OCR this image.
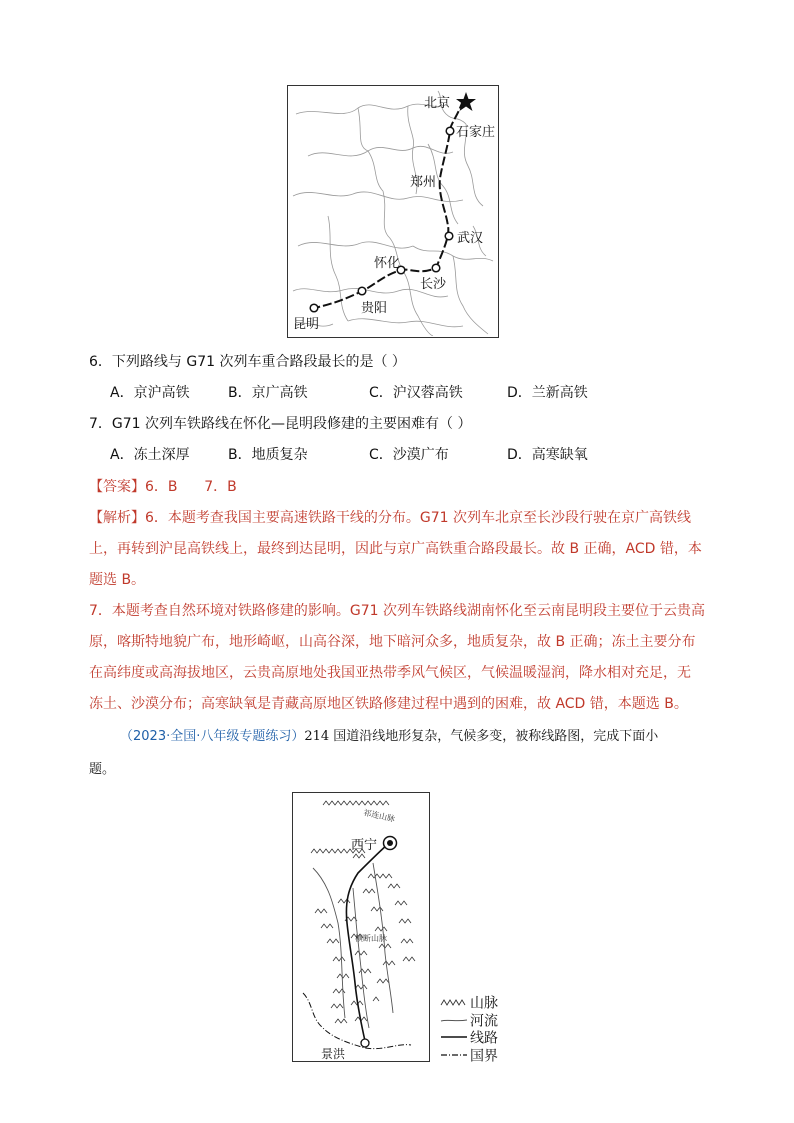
北京
石家庄
郑州
武汉
长沙
怀化
贵阳
昆明
6．下列路线与 G71 次列车重合路段最长的是（ ）
A．京沪高铁	B．京广高铁	C．沪汉蓉高铁	D．兰新高铁
7．G71 次列车铁路线在怀化—昆明段修建的主要困难有（ ）
A．冻土深厚	B．地质复杂	C．沙漠广布	D．高寒缺氧
【答案】6．B      7．B
【解析】6．本题考查我国主要高速铁路干线的分布。G71 次列车北京至长沙段行驶在京广高铁线
上，再转到沪昆高铁线上，最终到达昆明，因此与京广高铁重合路段最长。故 B 正确，ACD 错，本
题选 B。
7．本题考查自然环境对铁路修建的影响。G71 次列车铁路线湖南怀化至云南昆明段主要位于云贵高
原，喀斯特地貌广布，地形崎岖，山高谷深，地下暗河众多，地质复杂，故 B 正确；冻土主要分布
在高纬度或高海拔地区，云贵高原地处我国亚热带季风气候区，气候温暖湿润，降水相对充足，无
冻土、沙漠分布；高寒缺氧是青藏高原地区铁路修建过程中遇到的困难，故 ACD 错，本题选 B。
（2023·全国·八年级专题练习）214 国道沿线地形复杂，气候多变，被称线路图，完成下面小
题。
西宁
景洪
祁连山脉
横断山脉
山脉
河流
线路
国界
